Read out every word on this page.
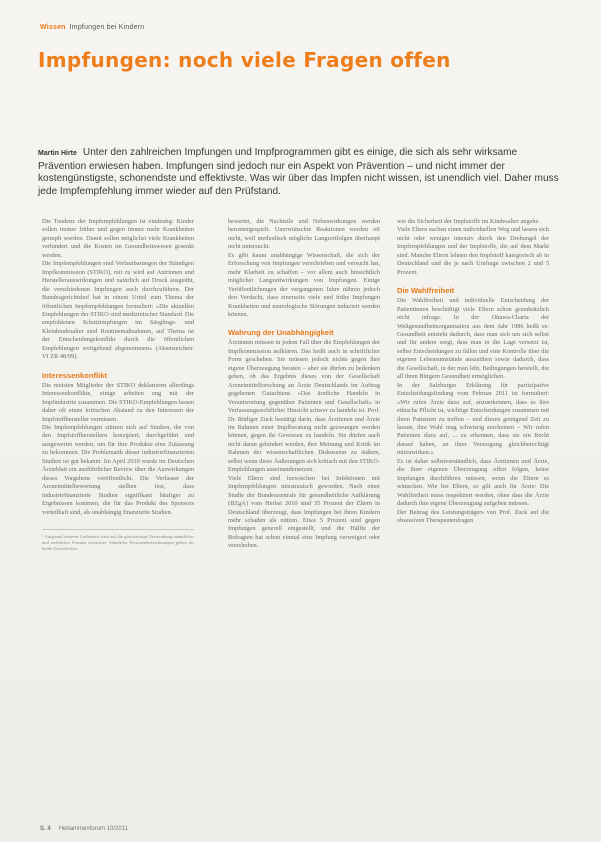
Wissen Impfungen bei Kindern
Impfungen: noch viele Fragen offen
Martin Hirte Unter den zahlreichen Impfungen und Impfprogrammen gibt es einige, die sich als sehr wirksame Prävention erwiesen haben. Impfungen sind jedoch nur ein Aspekt von Prävention – und nicht immer der kostengünstigste, schonendste und effektivste. Was wir über das Impfen nicht wissen, ist unendlich viel. Daher muss jede Impfempfehlung immer wieder auf den Prüfstand.

Die Tendenz der Impfempfehlungen ist eindeutig: Kinder sollen immer früher und gegen immer mehr Krankheiten geimpft werden. Damit sollen möglichst viele Krankheiten verhindert und die Kosten im Gesundheitswesen gesenkt werden.

Die Impfempfehlungen sind Verlautbarungen der Ständigen Impfkommission (STIKO), mit zu wird auf Antrinnen und Herstellerauswirkungen und natürlich auf Druck ausgeübt, die verschiedenen Impfungen auch durchzuführen. Der Bundesgerichtshof hat in einem Urteil zum Thema der öffentlichen Impfempfehlungen formuliert: »Die aktuellen Empfehlungen der STIKO sind medizinischer Standard. Die empfohlenen Schutzimpfungen im Säuglings- und Kleinkindesalter sind Routinemaßnahmen, auf Thema ist der Entscheidungskonflikt durch die öffentlichen Empfehlungen weitgehend abgenommen« (Aktenzeichen: VI ZR 48/99).

Interessenkonflikt

Die meisten Mitglieder der STIKO deklarieren allerdings Interessenkonflikte, einige arbeiten eng mit der Impfindustrie zusammen. Die STIKO-Empfehlungen lassen daher oft einen kritischen Abstand zu den Interessen der Impfstoffhersteller vermissen.

Die Impfempfehlungen stützen sich auf Studien, die von den Impfstoffherstellern konzipiert, durchgeführt und ausgewertet werden, um für ihre Produkte eine Zulassung zu bekommen. Die Problematik dieser industriefinanzierten Studien ist gut bekannt. Im April 2010 wurde im Deutschen Ärzteblatt ein ausführlicher Review über die Auswirkungen dieses Vorgehens veröffentlicht. Die Verfasser der Arzneimittelbewertung stellten fest, dass industriefinanzierte Studien signifikant häufiger zu Ergebnissen kommen, die für das Produkt des Sponsors vorteilhaft sind, als unabhängig finanzierte Studien.

¹ Aufgrund besserer Lesbarkeit wird auf die gleichzeitige Verwendung männlicher und weiblicher Formen verzichtet. Sämtliche Personenbezeichnungen gelten für beide Geschlechter.

bewertet, die Nachteile und Nebenwirkungen werden heruntergespielt. Unerwünschte Reaktionen werden oft nicht, weil methodisch mögliche Langzeitfolgen überhaupt nicht untersucht.

Es gibt kaum unabhängige Wissenschaft, die sich der Erforschung von Impfungen verschrieben und versucht hat, mehr Klarheit zu schaffen – vor allem auch hinsichtlich möglicher Langzeitwirkungen von Impfungen. Einige Veröffentlichungen der vergangenen Jahre nähren jedoch den Verdacht, dass einerseits viele und frühe Impfungen Krankheiten und neurologische Störungen induziert werden können.

Wahrung der Unabhängigkeit

Ärztinnen müssen in jedem Fall über die Empfehlungen der Impfkommission aufklären. Das heißt auch in schriftlicher Form geschehen. Sie müssen jedoch nichts gegen ihre eigene Überzeugung beraten – aber sie dürfen zu bedenken geben, ob das Ergebnis dieses von der Gesellschaft Arzneimittelforschung an Ärzte Deutschlands im Auftrag gegebenen Gutachtens »Das ärztliche Handeln in Verantwortung gegenüber Patienten und Gesellschaft« in Verfassungsrechtlicher Hinsicht schwer zu handeln ist. Prof. Dr. Rüdiger Zuck bestätigt darin, dass Ärztinnen und Ärzte im Rahmen einer Impfberatung nicht gezwungen werden können, gegen ihr Gewissen zu handeln. Sie dürfen auch nicht daran gehindert werden, ihre Meinung und Kritik im Rahmen der wissenschaftlichen Diskussion zu äußern, selbst wenn diese Äußerungen sich kritisch mit den STIKO-Empfehlungen auseinandersetzen.

Viele Eltern sind inzwischen bei Infektionen mit Impfempfehlungen misstrauisch geworden. Nach einer Studie der Bundeszentrale für gesundheitliche Aufklärung (BZgA) vom Herbst 2010 sind 35 Prozent der Eltern in Deutschland überzeugt, dass Impfungen bei ihren Kindern mehr schaden als nützen. Etwa 5 Prozent sind gegen Impfungen generell eingestellt, und die Hälfte der Befragten hat schon einmal eine Impfung verweigert oder verschoben.

wie die Sicherheit der Impfstoffe im Kindesalter angehe.

Viele Eltern suchen einen individuellen Weg und lassen sich nicht oder weniger intensiv durch den Drehungel der Impfempfehlungen und der Impfstoffe, die auf dem Markt sind. Manche Eltern lehnen den Impfstoff kategorisch ab in Deutschland und die je nach Umfrage zwischen 2 und 5 Prozent.

Die Wahlfreiheit

Die Wahlfreiheit und individuelle Entscheidung der Patientinnen beschäftigt viele Eltern schon grundsätzlich nicht infrage. In der Ottawa-Charta der Weltgesundheitsorganisation aus dem Jahr 1986 heißt es: Gesundheit entsteht dadurch, dass man sich um sich selbst und für andere sorgt, dass man in die Lage versetzt ist, selbst Entscheidungen zu fällen und eine Kontrolle über die eigenen Lebensumstände auszuüben sowie dadurch, dass die Gesellschaft, in der man lebt, Bedingungen herstellt, die all ihren Bürgern Gesundheit ermöglichen.

In der Salzburger Erklärung für partizipative Entscheidungsfindung vom Februar 2011 ist formuliert: »Wir rufen Ärzte dazu auf, anzuerkennen, dass es ihre ethische Pflicht ist, wichtige Entscheidungen zusammen mit ihren Patienten zu treffen – und diesen genügend Zeit zu lassen, ihre Wahl mag schwierig erscheinen – Wir rufen Patienten dazu auf, ... zu erkennen, dass sie ein Recht darauf haben, an ihrer Versorgung gleichberechtigt mitzuwirken.«

Es ist daher selbstverständlich, dass Ärztinnen und Ärzte, die ihrer eigenen Überzeugung offen folgen, keine Impfungen durchführen müssen, wenn die Eltern es wünschen. Wie bei Eltern, so gilt auch für Ärzte: Die Wahlfreiheit muss respektiert werden, ohne dass die Ärzte dadurch ihre eigene Überzeugung aufgeben müssen.

Der Beitrag des Leistungsträgers von Prof. Zuck auf die obsessiven Therapeutenfragen

S. 4 Hebammenforum 10/2011
